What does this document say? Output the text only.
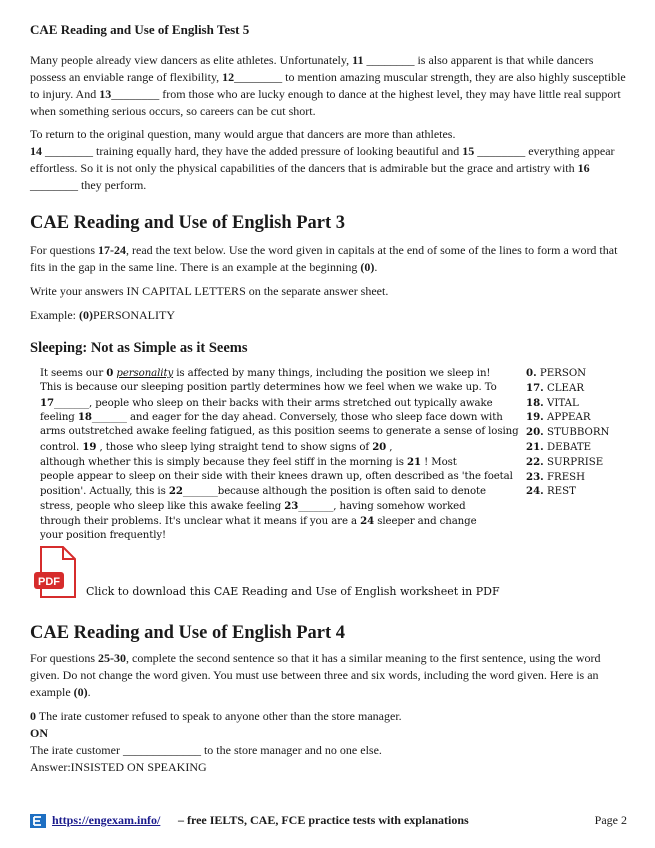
CAE Reading and Use of English Test 5

Many people already view dancers as elite athletes. Unfortunately, 11 ________ is also apparent is that while dancers possess an enviable range of flexibility, 12________ to mention amazing muscular strength, they are also highly susceptible to injury. And 13________ from those who are lucky enough to dance at the highest level, they may have little real support when something serious occurs, so careers can be cut short.

To return to the original question, many would argue that dancers are more than athletes.

14 ________ training equally hard, they have the added pressure of looking beautiful and 15 ________ everything appear effortless. So it is not only the physical capabilities of the dancers that is admirable but the grace and artistry with 16 ________ they perform.

CAE Reading and Use of English Part 3

For questions 17-24, read the text below. Use the word given in capitals at the end of some of the lines to form a word that fits in the gap in the same line. There is an example at the beginning (0).

Write your answers IN CAPITAL LETTERS on the separate answer sheet.

Example: (0)PERSONALITY

Sleeping: Not as Simple as it Seems
It seems our 0 personality is affected by many things, including the position we sleep in!
This is because our sleeping position partly determines how we feel when we wake up. To
17_______, people who sleep on their backs with their arms stretched out typically awake
feeling 18_______ and eager for the day ahead. Conversely, those who sleep face down with
arms outstretched awake feeling fatigued, as this position seems to generate a sense of losing
control. 19 , those who sleep lying straight tend to show signs of 20 ,
although whether this is simply because they feel stiff in the morning is 21 ! Most
people appear to sleep on their side with their knees drawn up, often described as 'the foetal
position'. Actually, this is 22_______because although the position is often said to denote
stress, people who sleep like this awake feeling 23_______, having somehow worked
through their problems. It's unclear what it means if you are a 24 sleeper and change
your position frequently!
0. PERSON
17. CLEAR
18. VITAL
19. APPEAR
20. STUBBORN
21. DEBATE
22. SURPRISE
23. FRESH
24. REST
PDF
Click to download this CAE Reading and Use of English worksheet in PDF
CAE Reading and Use of English Part 4

For questions 25-30, complete the second sentence so that it has a similar meaning to the first sentence, using the word given. Do not change the word given. You must use between three and six words, including the word given. Here is an example (0).

0 The irate customer refused to speak to anyone other than the store manager.

ON

The irate customer _____________ to the store manager and no one else.

Answer:INSISTED ON SPEAKING

https://engexam.info/ – free IELTS, CAE, FCE practice tests with explanations	Page 2
